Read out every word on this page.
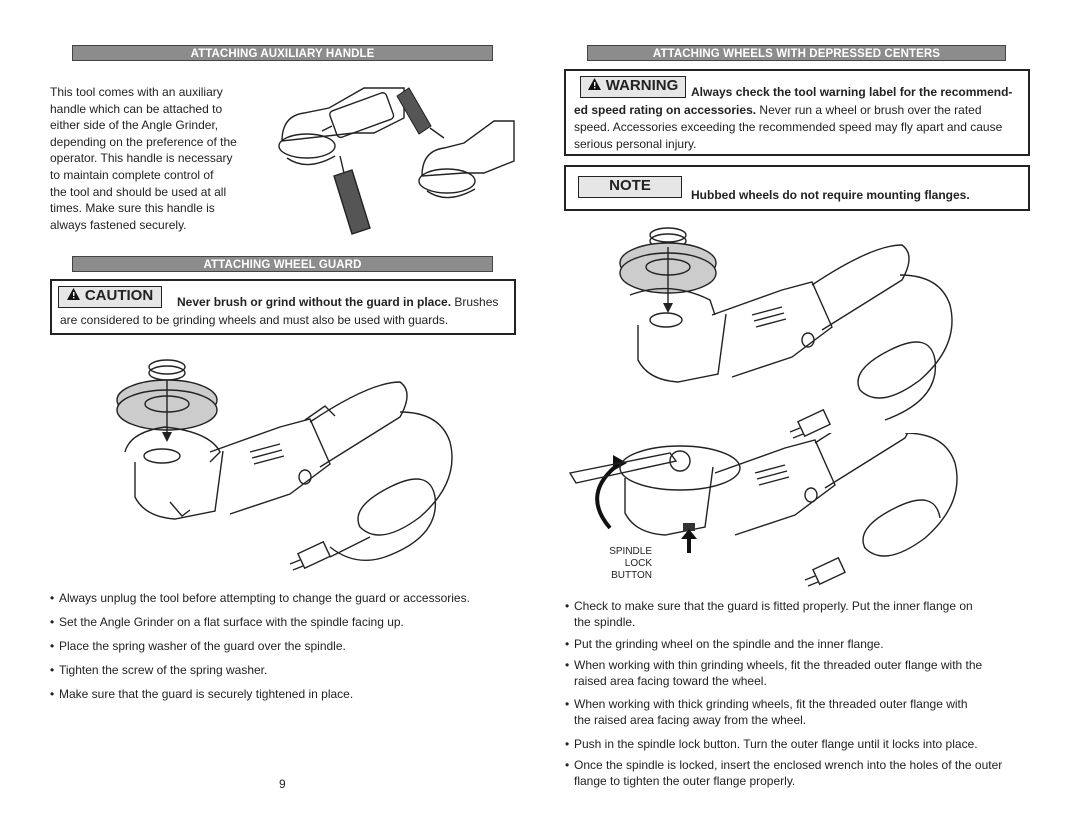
ATTACHING AUXILIARY HANDLE
This tool comes with an auxiliary
handle which can be attached to
either side of the Angle Grinder,
depending on the preference of the
operator. This handle is necessary
to maintain complete control of
the tool and should be used at all
times. Make sure this handle is
always fastened securely.
ATTACHING WHEEL GUARD
CAUTION	Never brush or grind without the guard in place. Brushes
are considered to be grinding wheels and must also be used with guards.
• Always unplug the tool before attempting to change the guard or accessories.
• Set the Angle Grinder on a flat surface with the spindle facing up.
• Place the spring washer of the guard over the spindle.
• Tighten the screw of the spring washer.
• Make sure that the guard is securely tightened in place.
9
ATTACHING WHEELS WITH DEPRESSED CENTERS
WARNING	Always check the tool warning label for the recommend-
ed speed rating on accessories. Never run a wheel or brush over the rated
speed. Accessories exceeding the recommended speed may fly apart and cause
serious personal injury.
NOTE
Hubbed wheels do not require mounting flanges.
SPINDLE
LOCK
BUTTON
• Check to make sure that the guard is fitted properly. Put the inner flange on
the spindle.
• Put the grinding wheel on the spindle and the inner flange.
• When working with thin grinding wheels, fit the threaded outer flange with the
raised area facing toward the wheel.
• When working with thick grinding wheels, fit the threaded outer flange with
the raised area facing away from the wheel.
• Push in the spindle lock button. Turn the outer flange until it locks into place.
• Once the spindle is locked, insert the enclosed wrench into the holes of the outer
flange to tighten the outer flange properly.
